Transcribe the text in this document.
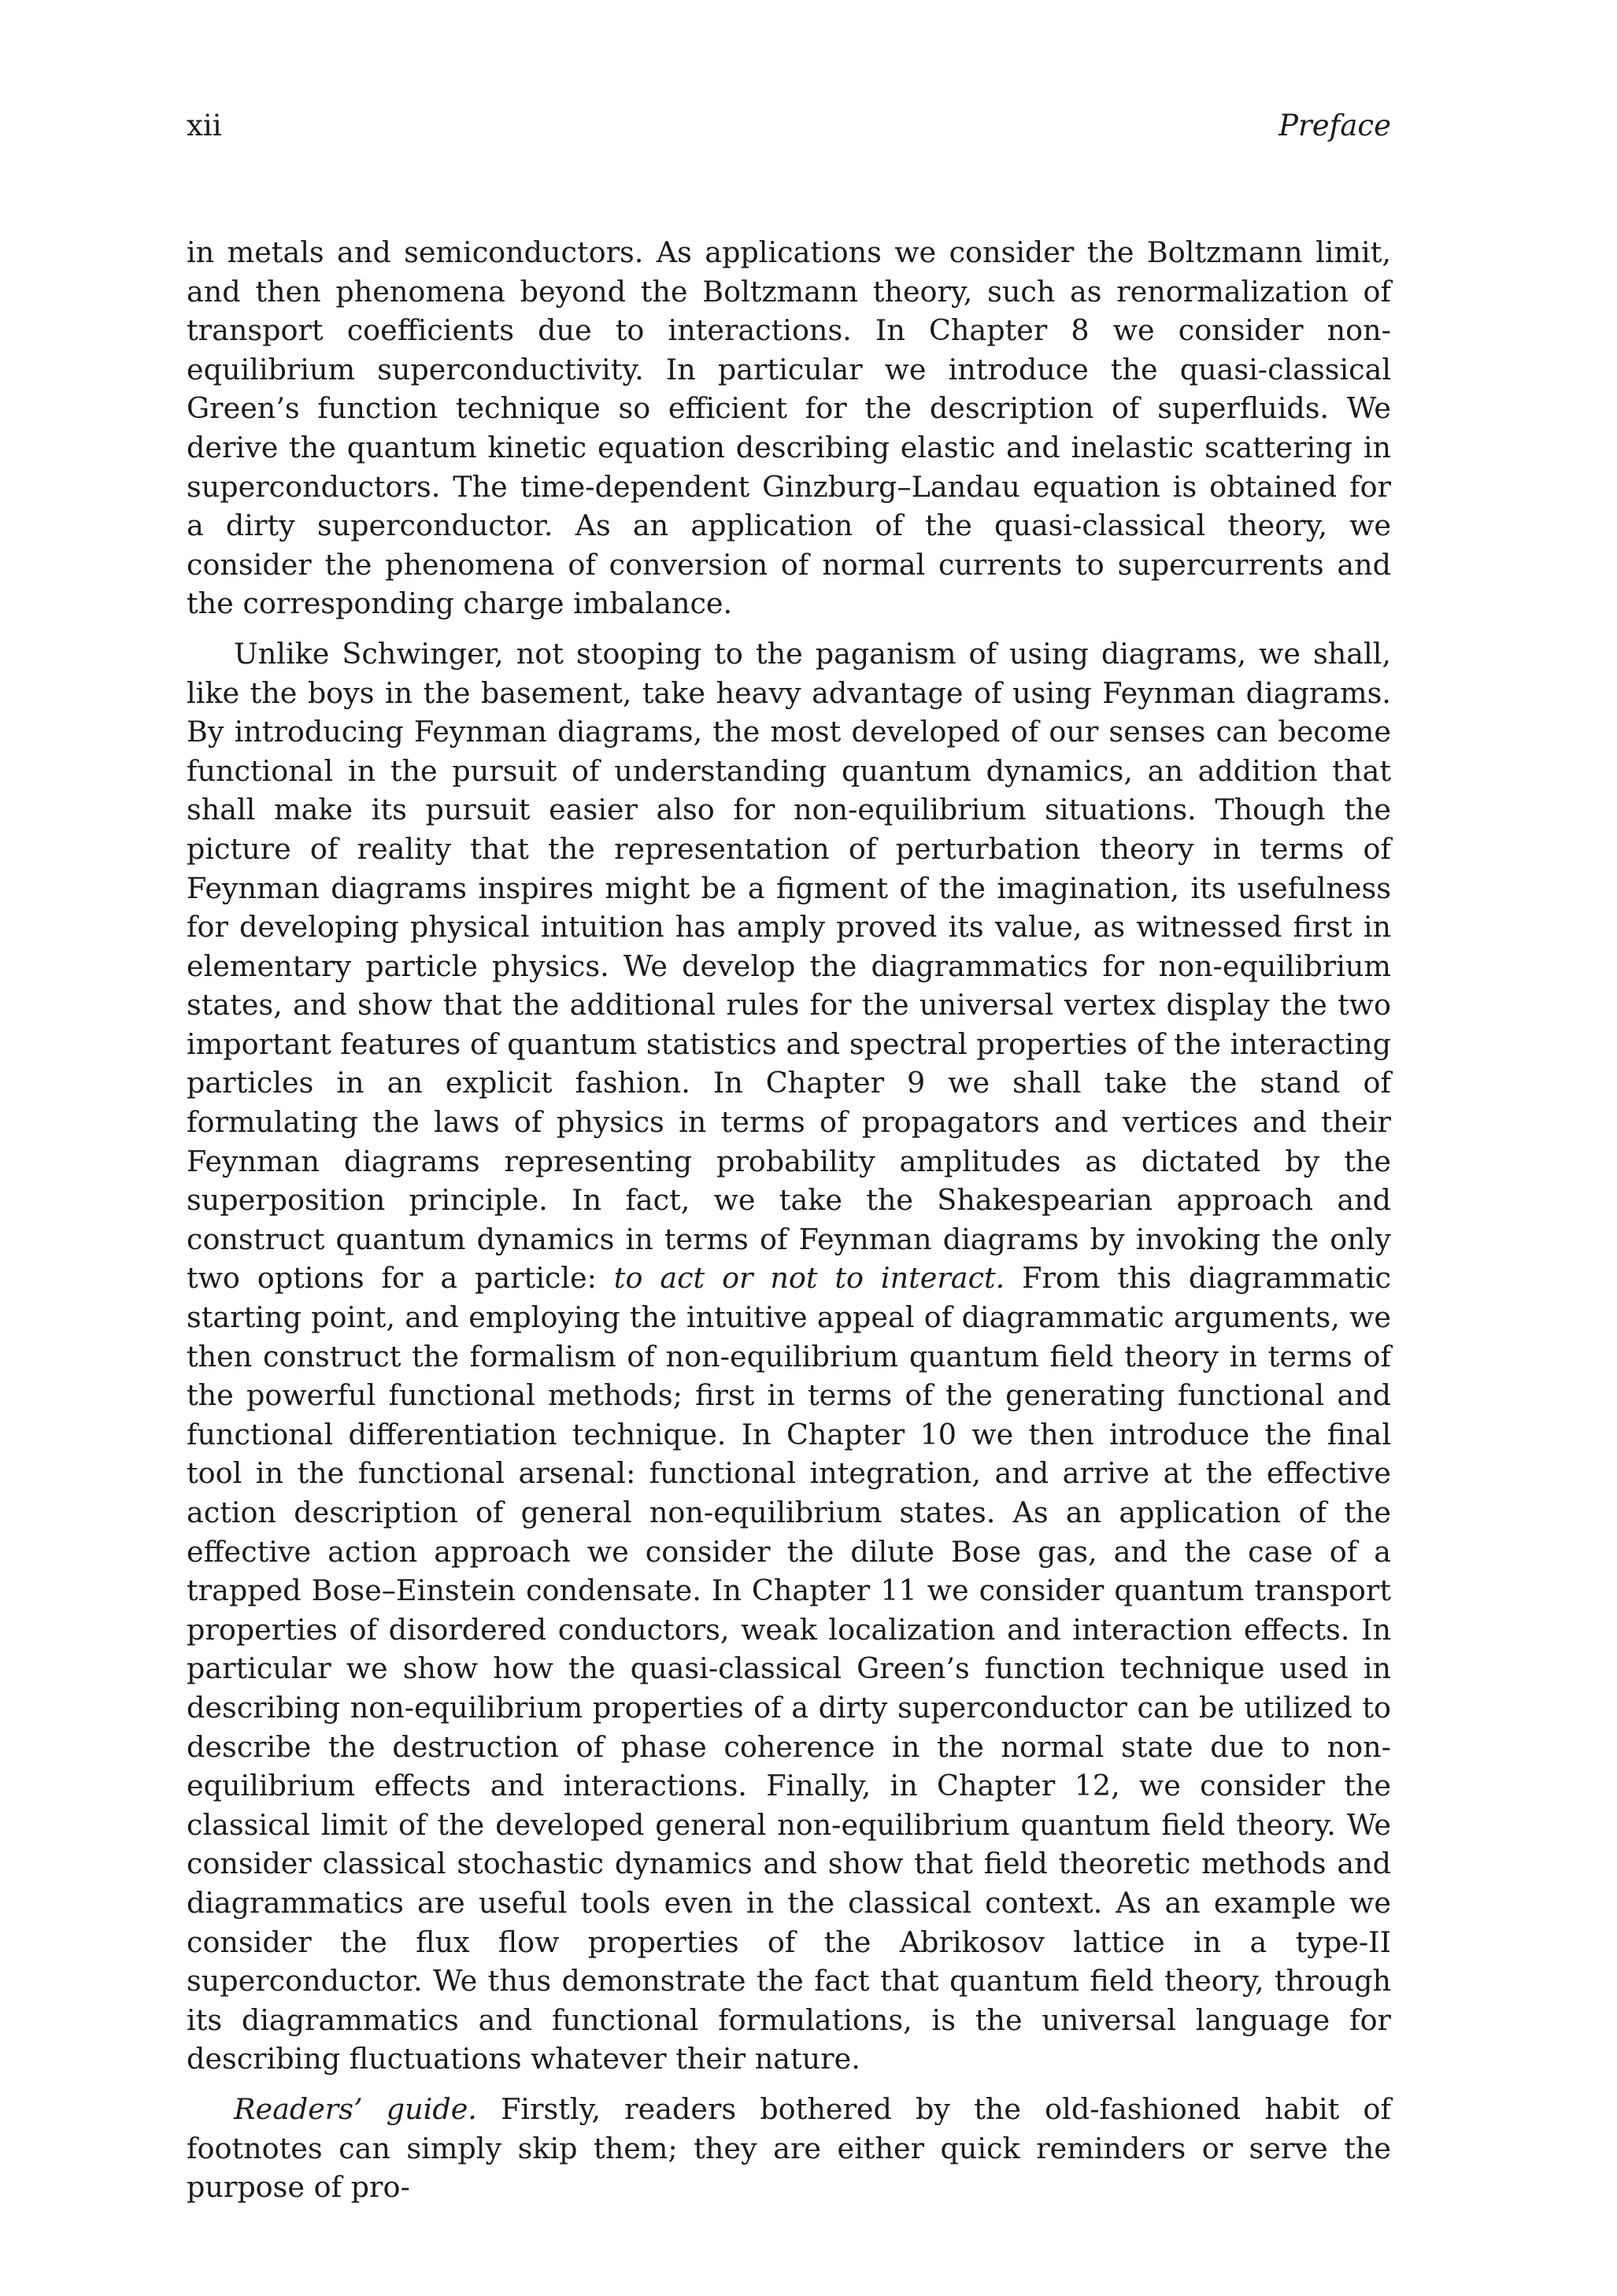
xii	Preface

in metals and semiconductors. As applications we consider the Boltzmann limit, and then phenomena beyond the Boltzmann theory, such as renormalization of transport coefficients due to interactions. In Chapter 8 we consider non-equilibrium superconductivity. In particular we introduce the quasi-classical Green’s function technique so efficient for the description of superfluids. We derive the quantum kinetic equation describing elastic and inelastic scattering in superconductors. The time-dependent Ginzburg–Landau equation is obtained for a dirty superconductor. As an application of the quasi-classical theory, we consider the phenomena of conversion of normal currents to supercurrents and the corresponding charge imbalance.

Unlike Schwinger, not stooping to the paganism of using diagrams, we shall, like the boys in the basement, take heavy advantage of using Feynman diagrams. By introducing Feynman diagrams, the most developed of our senses can become functional in the pursuit of understanding quantum dynamics, an addition that shall make its pursuit easier also for non-equilibrium situations. Though the picture of reality that the representation of perturbation theory in terms of Feynman diagrams inspires might be a figment of the imagination, its usefulness for developing physical intuition has amply proved its value, as witnessed first in elementary particle physics. We develop the diagrammatics for non-equilibrium states, and show that the additional rules for the universal vertex display the two important features of quantum statistics and spectral properties of the interacting particles in an explicit fashion. In Chapter 9 we shall take the stand of formulating the laws of physics in terms of propagators and vertices and their Feynman diagrams representing probability amplitudes as dictated by the superposition principle. In fact, we take the Shakespearian approach and construct quantum dynamics in terms of Feynman diagrams by invoking the only two options for a particle: to act or not to interact. From this diagrammatic starting point, and employing the intuitive appeal of diagrammatic arguments, we then construct the formalism of non-equilibrium quantum field theory in terms of the powerful functional methods; first in terms of the generating functional and functional differentiation technique. In Chapter 10 we then introduce the final tool in the functional arsenal: functional integration, and arrive at the effective action description of general non-equilibrium states. As an application of the effective action approach we consider the dilute Bose gas, and the case of a trapped Bose–Einstein condensate. In Chapter 11 we consider quantum transport properties of disordered conductors, weak localization and interaction effects. In particular we show how the quasi-classical Green’s function technique used in describing non-equilibrium properties of a dirty superconductor can be utilized to describe the destruction of phase coherence in the normal state due to non-equilibrium effects and interactions. Finally, in Chapter 12, we consider the classical limit of the developed general non-equilibrium quantum field theory. We consider classical stochastic dynamics and show that field theoretic methods and diagrammatics are useful tools even in the classical context. As an example we consider the flux flow properties of the Abrikosov lattice in a type-II superconductor. We thus demonstrate the fact that quantum field theory, through its diagrammatics and functional formulations, is the universal language for describing fluctuations whatever their nature.

Readers’ guide. Firstly, readers bothered by the old-fashioned habit of footnotes can simply skip them; they are either quick reminders or serve the purpose of pro-
